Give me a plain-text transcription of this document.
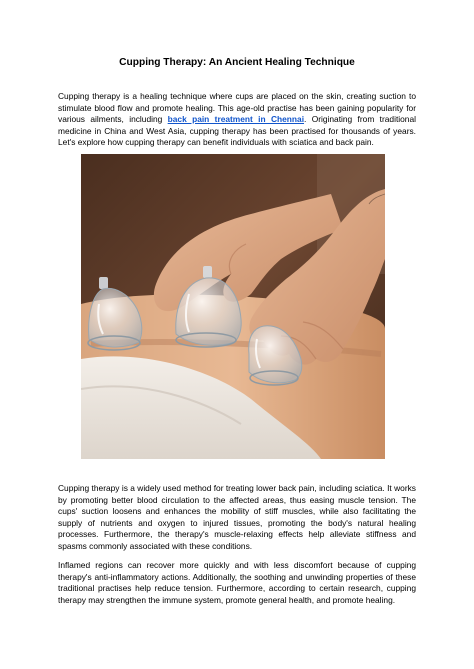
Cupping Therapy: An Ancient Healing Technique

Cupping therapy is a healing technique where cups are placed on the skin, creating suction to stimulate blood flow and promote healing. This age-old practise has been gaining popularity for various ailments, including back pain treatment in Chennai. Originating from traditional medicine in China and West Asia, cupping therapy has been practised for thousands of years. Let's explore how cupping therapy can benefit individuals with sciatica and back pain.

Cupping therapy is a widely used method for treating lower back pain, including sciatica. It works by promoting better blood circulation to the affected areas, thus easing muscle tension. The cups' suction loosens and enhances the mobility of stiff muscles, while also facilitating the supply of nutrients and oxygen to injured tissues, promoting the body's natural healing processes. Furthermore, the therapy's muscle-relaxing effects help alleviate stiffness and spasms commonly associated with these conditions.

Inflamed regions can recover more quickly and with less discomfort because of cupping therapy's anti-inflammatory actions. Additionally, the soothing and unwinding properties of these traditional practises help reduce tension. Furthermore, according to certain research, cupping therapy may strengthen the immune system, promote general health, and promote healing.
